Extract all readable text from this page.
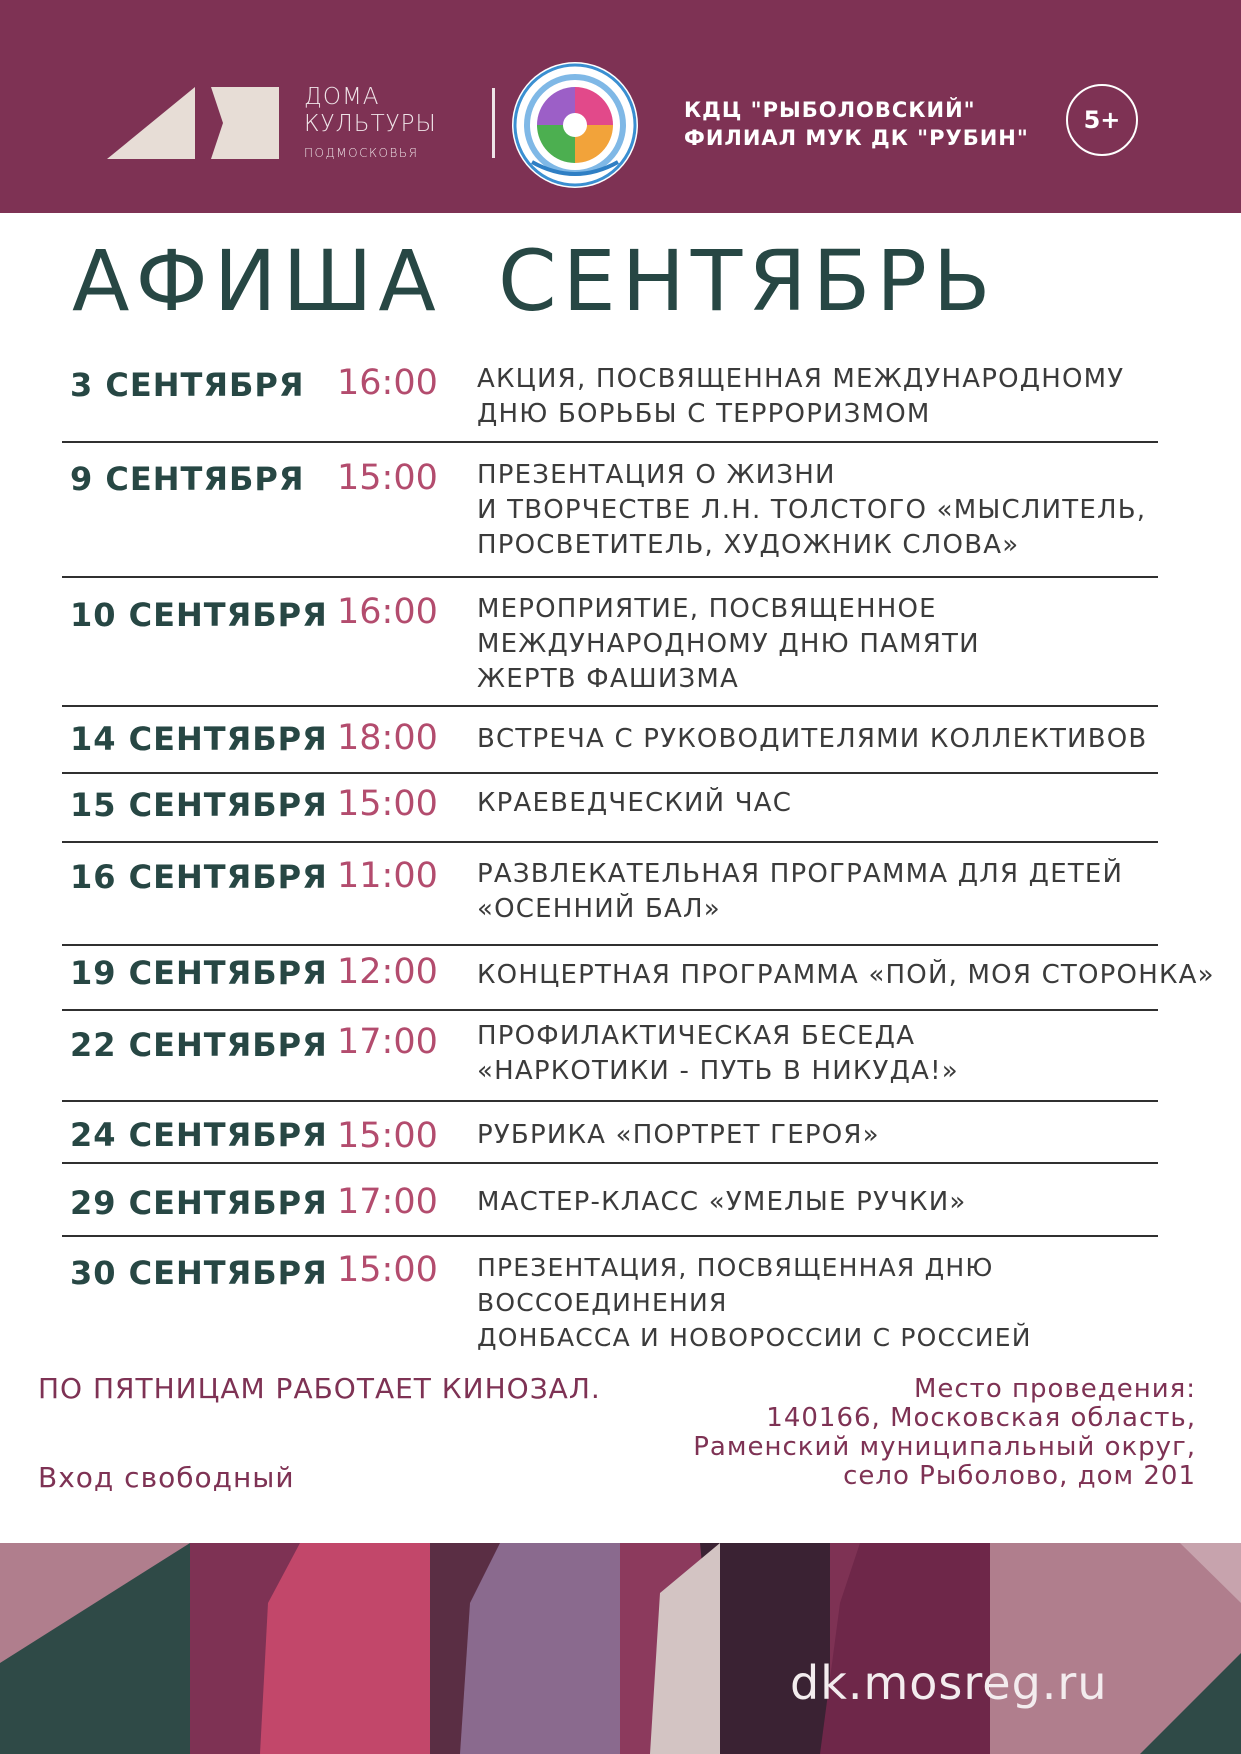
ДОМА
КУЛЬТУРЫ
ПОДМОСКОВЬЯ
КДЦ "РЫБОЛОВСКИЙ"
ФИЛИАЛ МУК ДК "РУБИН"
5+
АФИША СЕНТЯБРЬ
3 СЕНТЯБРЯ 16:00 АКЦИЯ, ПОСВЯЩЕННАЯ МЕЖДУНАРОДНОМУ
ДНЮ БОРЬБЫ С ТЕРРОРИЗМОМ
9 СЕНТЯБРЯ 15:00 ПРЕЗЕНТАЦИЯ О ЖИЗНИ
И ТВОРЧЕСТВЕ Л.Н. ТОЛСТОГО «МЫСЛИТЕЛЬ,
ПРОСВЕТИТЕЛЬ, ХУДОЖНИК СЛОВА»
10 СЕНТЯБРЯ 16:00 МЕРОПРИЯТИЕ, ПОСВЯЩЕННОЕ
МЕЖДУНАРОДНОМУ ДНЮ ПАМЯТИ
ЖЕРТВ ФАШИЗМА
14 СЕНТЯБРЯ 18:00 ВСТРЕЧА С РУКОВОДИТЕЛЯМИ КОЛЛЕКТИВОВ
15 СЕНТЯБРЯ 15:00 КРАЕВЕДЧЕСКИЙ ЧАС
16 СЕНТЯБРЯ 11:00 РАЗВЛЕКАТЕЛЬНАЯ ПРОГРАММА ДЛЯ ДЕТЕЙ
«ОСЕННИЙ БАЛ»
19 СЕНТЯБРЯ 12:00 КОНЦЕРТНАЯ ПРОГРАММА «ПОЙ, МОЯ СТОРОНКА»
22 СЕНТЯБРЯ 17:00 ПРОФИЛАКТИЧЕСКАЯ БЕСЕДА
«НАРКОТИКИ - ПУТЬ В НИКУДА!»
24 СЕНТЯБРЯ 15:00 РУБРИКА «ПОРТРЕТ ГЕРОЯ»
29 СЕНТЯБРЯ 17:00 МАСТЕР-КЛАСС «УМЕЛЫЕ РУЧКИ»
30 СЕНТЯБРЯ 15:00 ПРЕЗЕНТАЦИЯ, ПОСВЯЩЕННАЯ ДНЮ ВОССОЕДИНЕНИЯ
ДОНБАССА И НОВОРОССИИ С РОССИЕЙ
ПО ПЯТНИЦАМ РАБОТАЕТ КИНОЗАЛ.
Вход свободный
Место проведения:
140166, Московская область,
Раменский муниципальный округ,
село Рыболово, дом 201
dk.mosreg.ru
